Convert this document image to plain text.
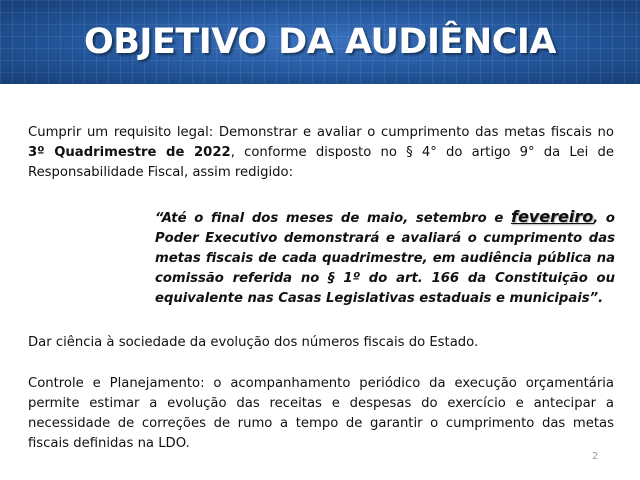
OBJETIVO DA AUDIÊNCIA
Cumprir um requisito legal: Demonstrar e avaliar o cumprimento das metas fiscais no 3º Quadrimestre de 2022, conforme disposto no § 4° do artigo 9° da Lei de Responsabilidade Fiscal, assim redigido:
“Até o final dos meses de maio, setembro e fevereiro, o Poder Executivo demonstrará e avaliará o cumprimento das metas fiscais de cada quadrimestre, em audiência pública na comissão referida no § 1º do art. 166 da Constituição ou equivalente nas Casas Legislativas estaduais e municipais”.
Dar ciência à sociedade da evolução dos números fiscais do Estado.
Controle e Planejamento: o acompanhamento periódico da execução orçamentária permite estimar a evolução das receitas e despesas do exercício e antecipar a necessidade de correções de rumo a tempo de garantir o cumprimento das metas fiscais definidas na LDO.
2
